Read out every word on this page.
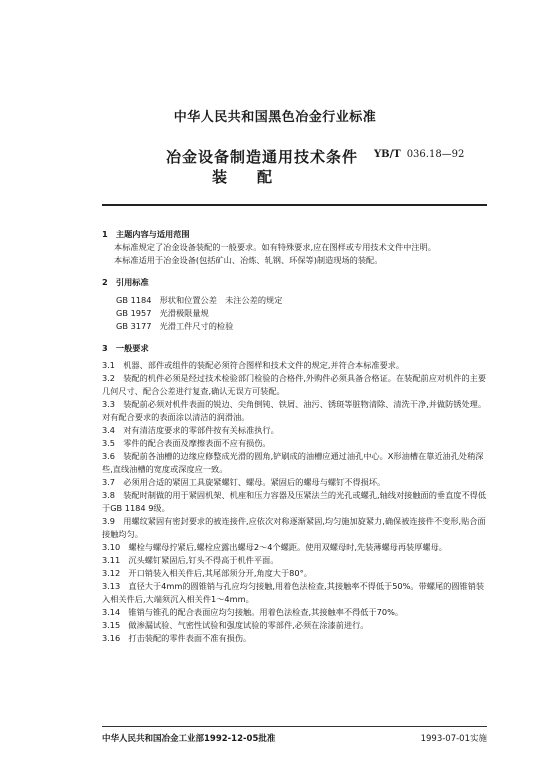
中华人民共和国黑色冶金行业标准
冶金设备制造通用技术条件
装配
YB/T 036.18—92
1　主题内容与适用范围
本标准规定了冶金设备装配的一般要求。如有特殊要求,应在图样或专用技术文件中注明。
本标准适用于冶金设备(包括矿山、冶炼、轧钢、环保等)制造现场的装配。
2　引用标准
GB 1184　形状和位置公差　未注公差的规定
GB 1957　光滑极限量规
GB 3177　光滑工件尺寸的检验
3　一般要求
3.1　机器、部件或组件的装配必须符合图样和技术文件的规定,并符合本标准要求。
3.2　装配的机件必须是经过技术检验部门检验的合格件,外购件必须具备合格证。在装配前应对机件的主要几何尺寸、配合公差进行复查,确认无误方可装配。
3.3　装配前必须对机件表面的锐边、尖角倒钝、铁屑、油污、锈斑等脏物清除、清洗干净,并做防锈处理。对有配合要求的表面涂以清洁的润滑油。
3.4　对有清洁度要求的零部件按有关标准执行。
3.5　零件的配合表面及摩擦表面不应有损伤。
3.6　装配前各油槽的边缘应修整成光滑的圆角,铲刷成的油槽应通过油孔中心。X形油槽在靠近油孔处稍深些,直线油槽的宽度或深度应一致。
3.7　必须用合适的紧固工具旋紧螺钉、螺母。紧固后的螺母与螺钉不得损坏。
3.8　装配时制做的用于紧固机架、机座和压力容器及压紧法兰的光孔或螺孔,轴线对接触面的垂直度不得低于GB 1184 9级。
3.9　用螺纹紧固有密封要求的被连接件,应依次对称逐渐紧固,均匀施加旋紧力,确保被连接件不变形,贴合面接触均匀。
3.10　螺栓与螺母拧紧后,螺栓应露出螺母2～4个螺距。使用双螺母时,先装薄螺母再装厚螺母。
3.11　沉头螺钉紧固后,钉头不得高于机件平面。
3.12　开口销装入相关件后,其尾部须分开,角度大于80°。
3.13　直径大于4mm的圆锥销与孔应均匀接触,用着色法检查,其接触率不得低于50%。带螺尾的圆锥销装入相关件后,大端须沉入相关件1～4mm。
3.14　锥销与锥孔的配合表面应均匀接触。用着色法检查,其接触率不得低于70%。
3.15　做渗漏试验、气密性试验和强度试验的零部件,必须在涂漆前进行。
3.16　打击装配的零件表面不准有损伤。
中华人民共和国冶金工业部1992-12-05批准	1993-07-01实施
